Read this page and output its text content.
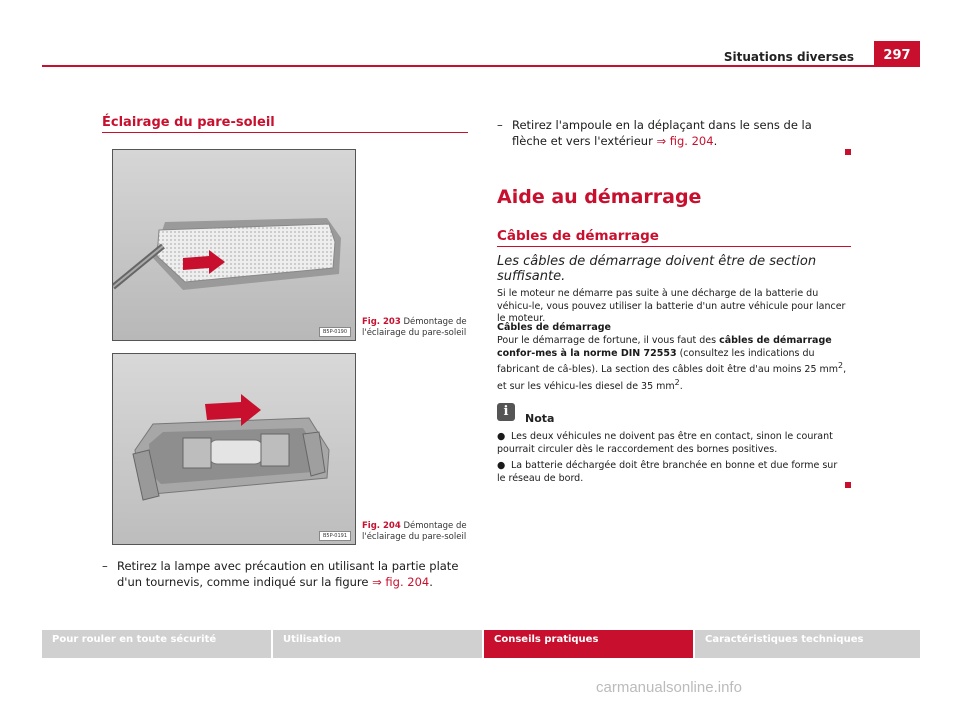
Situations diverses	297
Éclairage du pare-soleil
B5P-0190
Fig. 203 Démontage de l'éclairage du pare-soleil
B5P-0191
Fig. 204 Démontage de l'éclairage du pare-soleil
– Retirez la lampe avec précaution en utilisant la partie plate d'un tournevis, comme indiqué sur la figure ⇒ fig. 204.
– Retirez l'ampoule en la déplaçant dans le sens de la flèche et vers l'extérieur ⇒ fig. 204.
Aide au démarrage
Câbles de démarrage
Les câbles de démarrage doivent être de section suffisante.
Si le moteur ne démarre pas suite à une décharge de la batterie du véhicu-le, vous pouvez utiliser la batterie d'un autre véhicule pour lancer le moteur.
Câbles de démarrage
Pour le démarrage de fortune, il vous faut des câbles de démarrage confor-mes à la norme DIN 72553 (consultez les indications du fabricant de câ-bles). La section des câbles doit être d'au moins 25 $mm^2$, et sur les véhicu-les diesel de 35 $mm^2$.
i	Nota
● Les deux véhicules ne doivent pas être en contact, sinon le courant pourrait circuler dès le raccordement des bornes positives.
● La batterie déchargée doit être branchée en bonne et due forme sur le réseau de bord.
Pour rouler en toute sécurité	Utilisation	Conseils pratiques	Caractéristiques techniques
carmanualsonline.info
